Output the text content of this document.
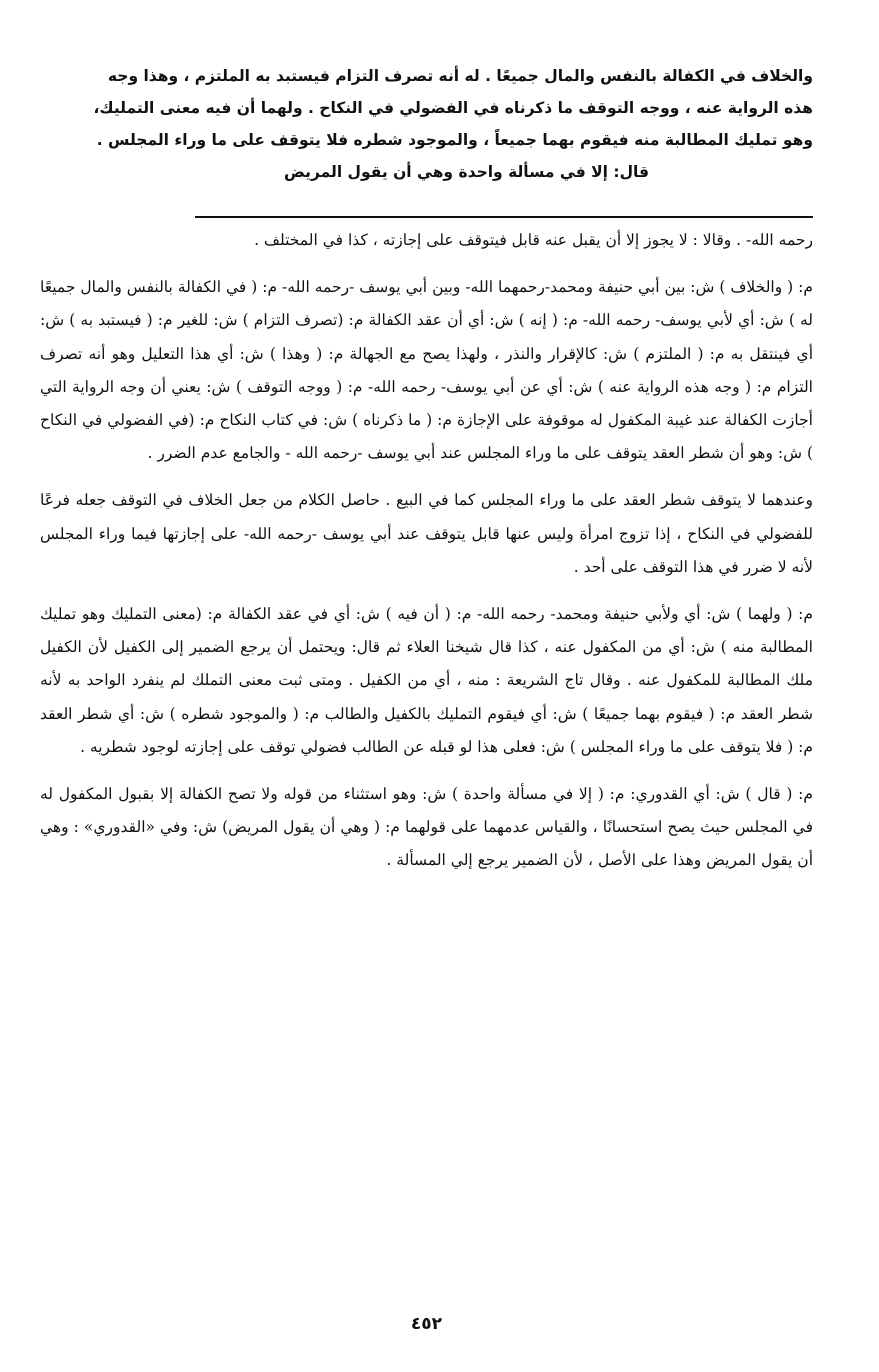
والخلاف في الكفالة بالنفس والمال جميعًا . له أنه تصرف التزام فيستبد به الملتزم ، وهذا وجه

هذه الرواية عنه ، ووجه التوقف ما ذكرناه في الفضولي في النكاح . ولهما أن فيه معنى التمليك،

وهو تمليك المطالبة منه فيقوم بهما جميعاً ، والموجود شطره فلا يتوقف على ما وراء المجلس .

قال: إلا في مسألة واحدة وهي أن يقول المريض

رحمه الله- . وقالا : لا يجوز إلا أن يقبل عنه قابل فيتوقف على إجازته ، كذا في المختلف .

م: ( والخلاف ) ش: بين أبي حنيفة ومحمد-رحمهما الله- وبين أبي يوسف -رحمه الله- م: ( في الكفالة بالنفس والمال جميعًا له ) ش: أي لأبي يوسف- رحمه الله- م: ( إنه ) ش: أي أن عقد الكفالة م: (تصرف التزام ) ش: للغير م: ( فيستبد به ) ش: أي فينتقل به م: ( الملتزم ) ش: كالإقرار والنذر ، ولهذا يصح مع الجهالة م: ( وهذا ) ش: أي هذا التعليل وهو أنه تصرف التزام م: ( وجه هذه الرواية عنه ) ش: أي عن أبي يوسف- رحمه الله- م: ( ووجه التوقف ) ش: يعني أن وجه الرواية التي أجازت الكفالة عند غيبة المكفول له موقوفة على الإجازة م: ( ما ذكرناه ) ش: في كتاب النكاح م: (في الفضولي في النكاح ) ش: وهو أن شطر العقد يتوقف على ما وراء المجلس عند أبي يوسف -رحمه الله - والجامع عدم الضرر .

وعندهما لا يتوقف شطر العقد على ما وراء المجلس كما في البيع . حاصل الكلام من جعل الخلاف في التوقف جعله فرعًا للفضولي في النكاح ، إذا تزوج امرأة وليس عنها قابل يتوقف عند أبي يوسف -رحمه الله- على إجازتها فيما وراء المجلس لأنه لا ضرر في هذا التوقف على أحد .

م: ( ولهما ) ش: أي ولأبي حنيفة ومحمد- رحمه الله- م: ( أن فيه ) ش: أي في عقد الكفالة م: (معنى التمليك وهو تمليك المطالبة منه ) ش: أي من المكفول عنه ، كذا قال شيخنا العلاء ثم قال: ويحتمل أن يرجع الضمير إلى الكفيل لأن الكفيل ملك المطالبة للمكفول عنه . وقال تاج الشريعة : منه ، أي من الكفيل . ومتى ثبت معنى التملك لم ينفرد الواحد به لأنه شطر العقد م: ( فيقوم بهما جميعًا ) ش: أي فيقوم التمليك بالكفيل والطالب م: ( والموجود شطره ) ش: أي شطر العقد م: ( فلا يتوقف على ما وراء المجلس ) ش: فعلى هذا لو قبله عن الطالب فضولي توقف على إجازته لوجود شطريه .

م: ( قال ) ش: أي القدوري: م: ( إلا في مسألة واحدة ) ش: وهو استثناء من قوله ولا تصح الكفالة إلا بقبول المكفول له في المجلس حيث يصح استحسانًا ، والقياس عدمهما على قولهما م: ( وهي أن يقول المريض) ش: وفي «القدوري» : وهي أن يقول المريض وهذا على الأصل ، لأن الضمير يرجع إلي المسألة .

٤٥٢
